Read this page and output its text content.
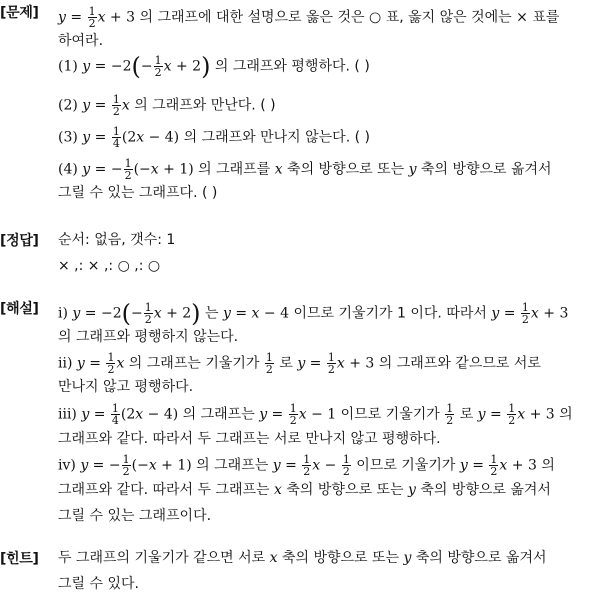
[문제] $y = \frac{1}{2}$ x + 3 의 그래프에 대한 설명으로 옳은 것은 ○ 표, 옳지 않은 것에는 × 표를
하여라.
(1) $y = -2(- \frac{1}{2}$ x + 2) 의 그래프와 평행하다. ( )
(2) $y = \frac{1}{2}$ x 의 그래프와 만난다. ( )
(3) $y = \frac{1}{4} (2x - 4)$ 의 그래프와 만나지 않는다. ( )
(4) y = − $\frac{1}{2} (-x + 1)$ 의 그래프를 x 축의 방향으로 또는 y 축의 방향으로 옮겨서
그릴 수 있는 그래프다. ( )
[정답] 순서: 없음, 갯수: 1
× ,: × ,: ○ ,: ○
[해설] ⅰ) $y = -2(- \frac{1}{2}$ x + 2) 는 y = x − 4 이므로 기울기가 1 이다. 따라서 $y = \frac{1}{2}$ x + 3
의 그래프와 평행하지 않는다.
ⅱ) $y = \frac{1}{2}$ x 의 그래프는 기울기가 $\frac{1}{2}$ 로 $y = \frac{1}{2}$ x + 3 의 그래프와 같으므로 서로
만나지 않고 평행하다.
ⅲ) $y = \frac{1}{4} (2x - 4)$ 의 그래프는 $y = \frac{1}{2}$ x − 1 이므로 기울기가 $\frac{1}{2}$ 로 $y = \frac{1}{2}$ x + 3 의
그래프와 같다. 따라서 두 그래프는 서로 만나지 않고 평행하다.
ⅳ) y = − $\frac{1}{2} (-x + 1)$ 의 그래프는 $y = \frac{1}{2}$ $x - \frac{1}{2}$ 이므로 기울기가 $y = \frac{1}{2}$ x + 3 의
그래프와 같다. 따라서 두 그래프는 x 축의 방향으로 또는 y 축의 방향으로 옮겨서
그릴 수 있는 그래프이다.
[힌트] 두 그래프의 기울기가 같으면 서로 x 축의 방향으로 또는 y 축의 방향으로 옮겨서
그릴 수 있다.
